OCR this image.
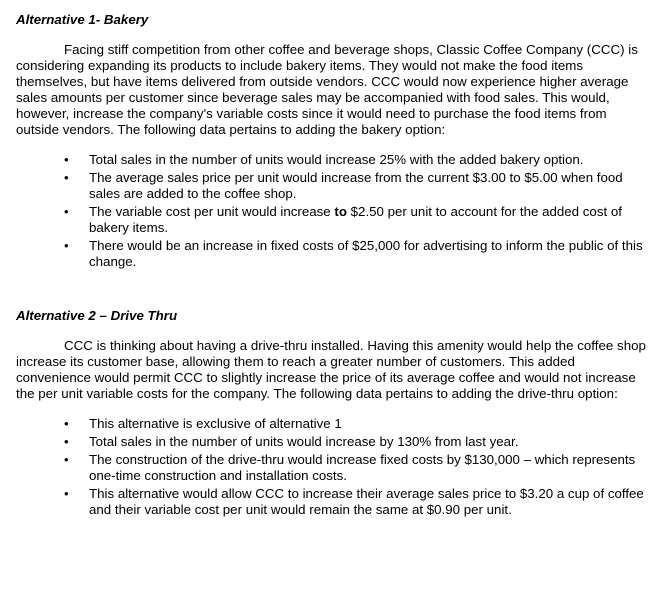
Alternative 1- Bakery

Facing stiff competition from other coffee and beverage shops, Classic Coffee Company (CCC) is considering expanding its products to include bakery items. They would not make the food items themselves, but have items delivered from outside vendors. CCC would now experience higher average sales amounts per customer since beverage sales may be accompanied with food sales. This would, however, increase the company's variable costs since it would need to purchase the food items from outside vendors. The following data pertains to adding the bakery option:

• Total sales in the number of units would increase 25% with the added bakery option.
• The average sales price per unit would increase from the current $3.00 to $5.00 when food sales are added to the coffee shop.
• The variable cost per unit would increase to $2.50 per unit to account for the added cost of bakery items.
• There would be an increase in fixed costs of $25,000 for advertising to inform the public of this change.

Alternative 2 – Drive Thru

CCC is thinking about having a drive-thru installed. Having this amenity would help the coffee shop increase its customer base, allowing them to reach a greater number of customers. This added convenience would permit CCC to slightly increase the price of its average coffee and would not increase the per unit variable costs for the company. The following data pertains to adding the drive-thru option:

• This alternative is exclusive of alternative 1
• Total sales in the number of units would increase by 130% from last year.
• The construction of the drive-thru would increase fixed costs by $130,000 – which represents one-time construction and installation costs.
• This alternative would allow CCC to increase their average sales price to $3.20 a cup of coffee and their variable cost per unit would remain the same at $0.90 per unit.
